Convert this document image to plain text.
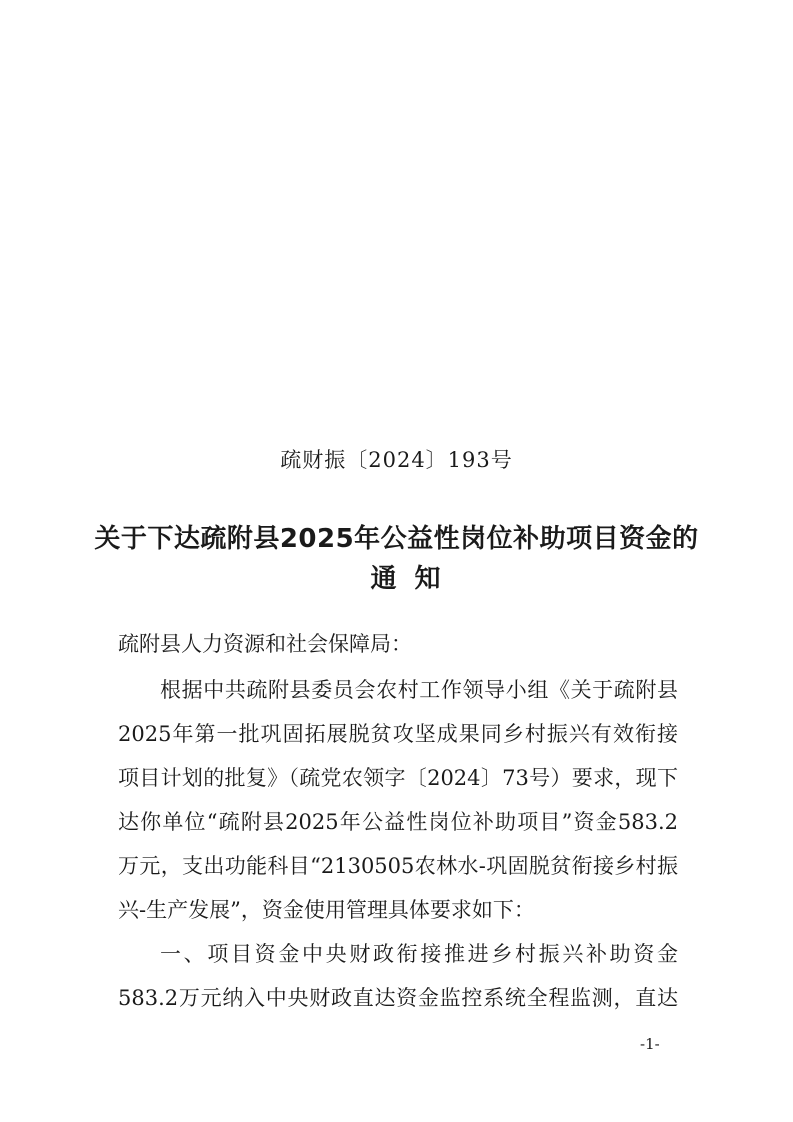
疏财振〔2024〕193号
关于下达疏附县2025年公益性岗位补助项目资金的
通知
疏附县人力资源和社会保障局：
根据中共疏附县委员会农村工作领导小组《关于疏附县
2025年第一批巩固拓展脱贫攻坚成果同乡村振兴有效衔接
项目计划的批复》（疏党农领字〔2024〕73号）要求，现下
达你单位“疏附县2025年公益性岗位补助项目”资金583.2
万元，支出功能科目“2130505农林水-巩固脱贫衔接乡村振
兴-生产发展”，资金使用管理具体要求如下：
一、项目资金中央财政衔接推进乡村振兴补助资金
583.2万元纳入中央财政直达资金监控系统全程监测，直达
-1-
